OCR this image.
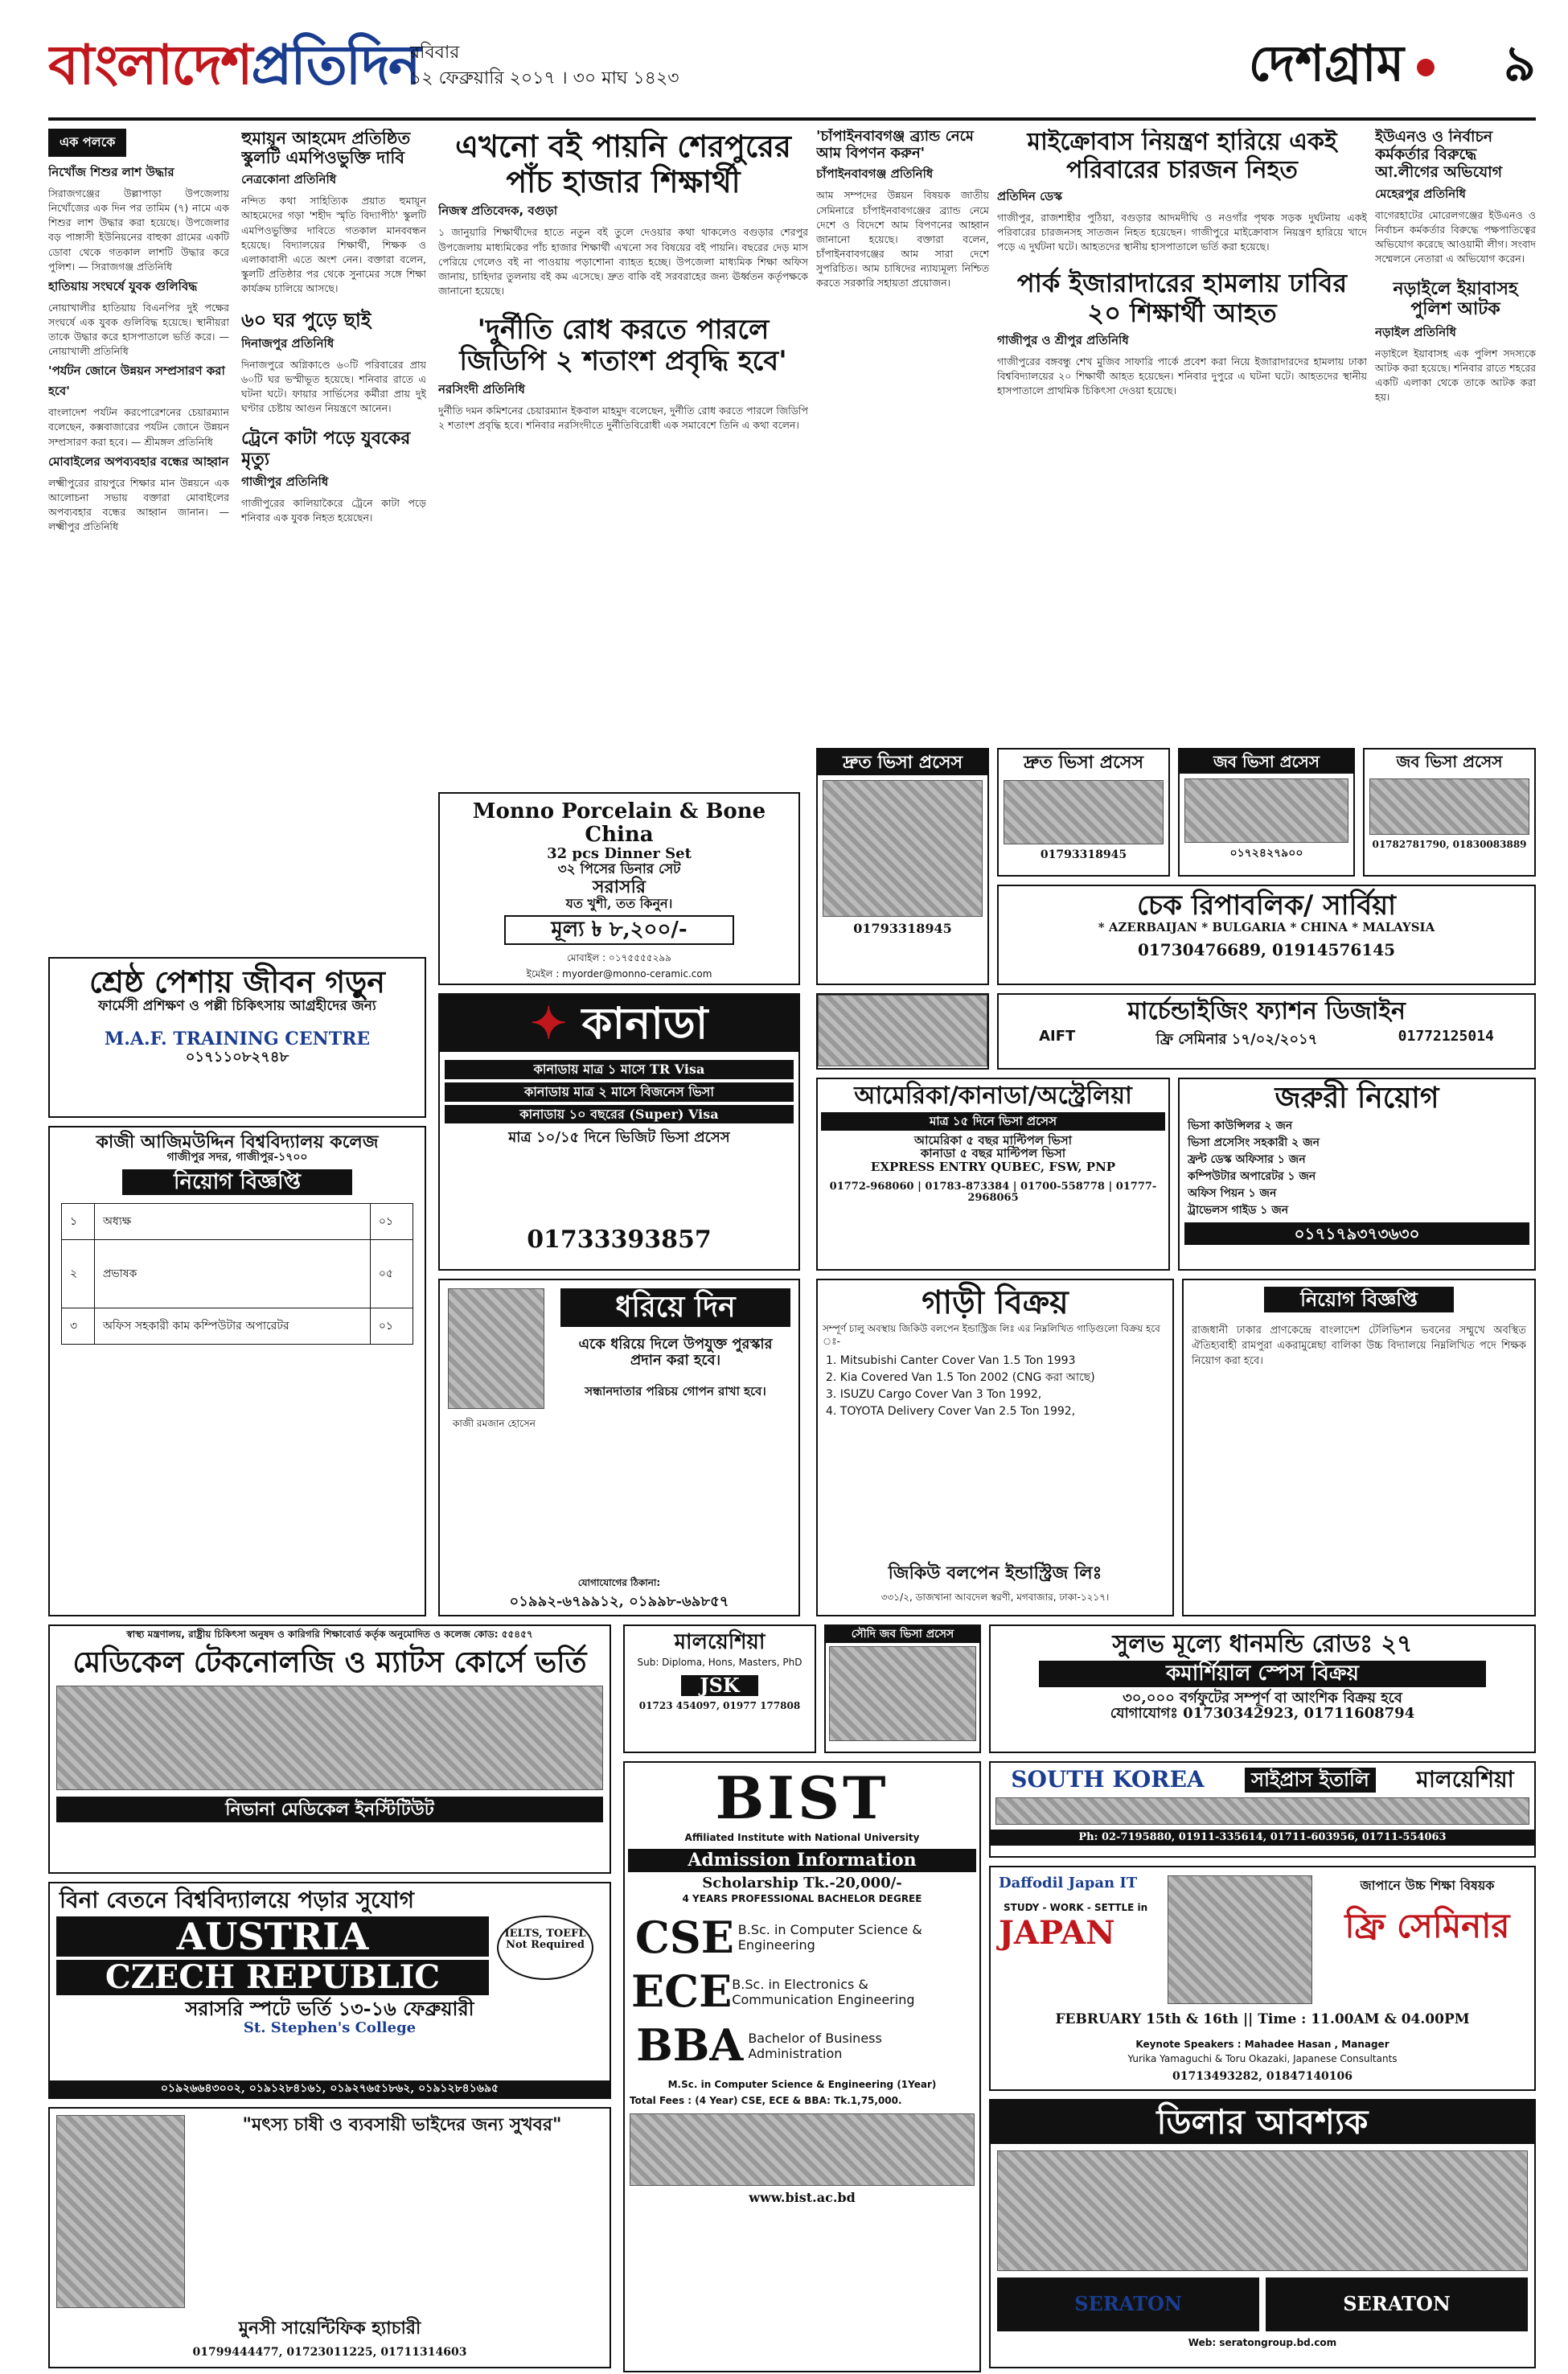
বাংলাদেশপ্রতিদিন
রবিবার
১২ ফেব্রুয়ারি ২০১৭ । ৩০ মাঘ ১৪২৩	দেশগ্রাম	৯
এক পলকে
নিখোঁজ শিশুর লাশ উদ্ধার
সিরাজগঞ্জের উল্লাপাড়া উপজেলায় নিখোঁজের এক দিন পর তামিম (৭) নামে এক শিশুর লাশ উদ্ধার করা হয়েছে। উপজেলার বড় পাঙ্গাসী ইউনিয়নের বাহুকা গ্রামের একটি ডোবা থেকে গতকাল লাশটি উদ্ধার করে পুলিশ। — সিরাজগঞ্জ প্রতিনিধি
হাতিয়ায় সংঘর্ষে যুবক গুলিবিদ্ধ
নোয়াখালীর হাতিয়ায় বিএনপির দুই পক্ষের সংঘর্ষে এক যুবক গুলিবিদ্ধ হয়েছে। স্থানীয়রা তাকে উদ্ধার করে হাসপাতালে ভর্তি করে। — নোয়াখালী প্রতিনিধি
'পর্যটন জোনে উন্নয়ন সম্প্রসারণ করা হবে'
বাংলাদেশ পর্যটন করপোরেশনের চেয়ারম্যান বলেছেন, কক্সবাজারের পর্যটন জোনে উন্নয়ন সম্প্রসারণ করা হবে। — শ্রীমঙ্গল প্রতিনিধি
মোবাইলের অপব্যবহার বন্ধের আহ্বান
লক্ষ্মীপুরের রায়পুরে শিক্ষার মান উন্নয়নে এক আলোচনা সভায় বক্তারা মোবাইলের অপব্যবহার বন্ধের আহ্বান জানান। — লক্ষ্মীপুর প্রতিনিধি
হুমায়ূন আহমেদ প্রতিষ্ঠিত স্কুলটি এমপিওভুক্তি দাবি
নেত্রকোনা প্রতিনিধি
নন্দিত কথা সাহিত্যিক প্রয়াত হুমায়ূন আহমেদের গড়া 'শহীদ স্মৃতি বিদ্যাপীঠ' স্কুলটি এমপিওভুক্তির দাবিতে গতকাল মানববন্ধন হয়েছে। বিদ্যালয়ের শিক্ষার্থী, শিক্ষক ও এলাকাবাসী এতে অংশ নেন। বক্তারা বলেন, স্কুলটি প্রতিষ্ঠার পর থেকে সুনামের সঙ্গে শিক্ষা কার্যক্রম চালিয়ে আসছে।
৬০ ঘর পুড়ে ছাই
দিনাজপুর প্রতিনিধি
দিনাজপুরে অগ্নিকাণ্ডে ৬০টি পরিবারের প্রায় ৬০টি ঘর ভস্মীভূত হয়েছে। শনিবার রাতে এ ঘটনা ঘটে। ফায়ার সার্ভিসের কর্মীরা প্রায় দুই ঘণ্টার চেষ্টায় আগুন নিয়ন্ত্রণে আনেন।
ট্রেনে কাটা পড়ে যুবকের মৃত্যু
গাজীপুর প্রতিনিধি
গাজীপুরের কালিয়াকৈরে ট্রেনে কাটা পড়ে শনিবার এক যুবক নিহত হয়েছেন।
এখনো বই পায়নি শেরপুরের পাঁচ হাজার শিক্ষার্থী
নিজস্ব প্রতিবেদক, বগুড়া
১ জানুয়ারি শিক্ষার্থীদের হাতে নতুন বই তুলে দেওয়ার কথা থাকলেও বগুড়ার শেরপুর উপজেলায় মাধ্যমিকের পাঁচ হাজার শিক্ষার্থী এখনো সব বিষয়ের বই পায়নি। বছরের দেড় মাস পেরিয়ে গেলেও বই না পাওয়ায় পড়াশোনা ব্যাহত হচ্ছে। উপজেলা মাধ্যমিক শিক্ষা অফিস জানায়, চাহিদার তুলনায় বই কম এসেছে। দ্রুত বাকি বই সরবরাহের জন্য ঊর্ধ্বতন কর্তৃপক্ষকে জানানো হয়েছে।
'দুর্নীতি রোধ করতে পারলে জিডিপি ২ শতাংশ প্রবৃদ্ধি হবে'
নরসিংদী প্রতিনিধি
দুর্নীতি দমন কমিশনের চেয়ারম্যান ইকবাল মাহমুদ বলেছেন, দুর্নীতি রোধ করতে পারলে জিডিপি ২ শতাংশ প্রবৃদ্ধি হবে। শনিবার নরসিংদীতে দুর্নীতিবিরোধী এক সমাবেশে তিনি এ কথা বলেন।
'চাঁপাইনবাবগঞ্জ ব্র্যান্ড নেমে আম বিপণন করুন'
চাঁপাইনবাবগঞ্জ প্রতিনিধি
আম সম্পদের উন্নয়ন বিষয়ক জাতীয় সেমিনারে চাঁপাইনবাবগঞ্জের ব্র্যান্ড নেমে দেশে ও বিদেশে আম বিপণনের আহ্বান জানানো হয়েছে। বক্তারা বলেন, চাঁপাইনবাবগঞ্জের আম সারা দেশে সুপরিচিত। আম চাষিদের ন্যায্যমূল্য নিশ্চিত করতে সরকারি সহায়তা প্রয়োজন।
মাইক্রোবাস নিয়ন্ত্রণ হারিয়ে একই পরিবারের চারজন নিহত
প্রতিদিন ডেস্ক
গাজীপুর, রাজশাহীর পুঠিয়া, বগুড়ার আদমদীঘি ও নওগাঁর পৃথক সড়ক দুর্ঘটনায় একই পরিবারের চারজনসহ সাতজন নিহত হয়েছেন। গাজীপুরে মাইক্রোবাস নিয়ন্ত্রণ হারিয়ে খাদে পড়ে এ দুর্ঘটনা ঘটে। আহতদের স্থানীয় হাসপাতালে ভর্তি করা হয়েছে।
পার্ক ইজারাদারের হামলায় ঢাবির ২০ শিক্ষার্থী আহত
গাজীপুর ও শ্রীপুর প্রতিনিধি
গাজীপুরের বঙ্গবন্ধু শেখ মুজিব সাফারি পার্কে প্রবেশ করা নিয়ে ইজারাদারদের হামলায় ঢাকা বিশ্ববিদ্যালয়ের ২০ শিক্ষার্থী আহত হয়েছেন। শনিবার দুপুরে এ ঘটনা ঘটে। আহতদের স্থানীয় হাসপাতালে প্রাথমিক চিকিৎসা দেওয়া হয়েছে।
ইউএনও ও নির্বাচন কর্মকর্তার বিরুদ্ধে আ.লীগের অভিযোগ
মেহেরপুর প্রতিনিধি
বাগেরহাটের মোরেলগঞ্জের ইউএনও ও নির্বাচন কর্মকর্তার বিরুদ্ধে পক্ষপাতিত্বের অভিযোগ করেছে আওয়ামী লীগ। সংবাদ সম্মেলনে নেতারা এ অভিযোগ করেন।
নড়াইলে ইয়াবাসহ পুলিশ আটক
নড়াইল প্রতিনিধি
নড়াইলে ইয়াবাসহ এক পুলিশ সদস্যকে আটক করা হয়েছে। শনিবার রাতে শহরের একটি এলাকা থেকে তাকে আটক করা হয়।
Monno Porcelain & Bone China
32 pcs Dinner Set
৩২ পিসের ডিনার সেট
সরাসরি
যত খুশী, তত কিনুন।
মূল্য ৳ ৮,২০০/-
মোবাইল : ০১৭৫৫৫৫২৯৯
ইমেইল : myorder@monno-ceramic.com
দ্রুত ভিসা প্রসেস
01793318945
দ্রুত ভিসা প্রসেস
01793318945
জব ভিসা প্রসেস
০১৭২৪২৭৯০০
জব ভিসা প্রসেস
01782781790, 01830083889
চেক রিপাবলিক/ সার্বিয়া
* AZERBAIJAN * BULGARIA * CHINA * MALAYSIA
01730476689, 01914576145
শ্রেষ্ঠ পেশায় জীবন গড়ুন
ফার্মেসী প্রশিক্ষণ ও পল্লী চিকিৎসায় আগ্রহীদের জন্য
M.A.F. TRAINING CENTRE
০১৭১১০৮২৭৪৮
✦ কানাডা
কানাডায় মাত্র ১ মাসে TR Visa
কানাডায় মাত্র ২ মাসে বিজনেস ভিসা
কানাডায় ১০ বছরের (Super) Visa
মাত্র ১০/১৫ দিনে ভিজিট ভিসা প্রসেস
01733393857
মার্চেন্ডাইজিং ফ্যাশন ডিজাইন
AIFT	ফ্রি সেমিনার ১৭/০২/২০১৭	01772125014
আমেরিকা/কানাডা/অস্ট্রেলিয়া
মাত্র ১৫ দিনে ভিসা প্রসেস
আমেরিকা ৫ বছর মাল্টিপল ভিসা
কানাডা ৫ বছর মাল্টিপল ভিসা
EXPRESS ENTRY QUBEC, FSW, PNP
01772-968060 | 01783-873384 | 01700-558778 | 01777-2968065
জরুরী নিয়োগ
ভিসা কাউন্সিলর ২ জন
ভিসা প্রসেসিং সহকারী ২ জন
ফ্রন্ট ডেস্ক অফিসার ১ জন
কম্পিউটার অপারেটর ১ জন
অফিস পিয়ন ১ জন
ট্রাভেলস গাইড ১ জন
০১৭১৭৯৩৭৩৬৩০
কাজী আজিমউদ্দিন বিশ্ববিদ্যালয় কলেজ
গাজীপুর সদর, গাজীপুর-১৭০০
নিয়োগ বিজ্ঞপ্তি
১	অধ্যক্ষ	০১
২	প্রভাষক	০৫
৩	অফিস সহকারী কাম কম্পিউটার অপারেটর	০১
ধরিয়ে দিন
একে ধরিয়ে দিলে উপযুক্ত পুরস্কার প্রদান করা হবে।
সন্ধানদাতার পরিচয় গোপন রাখা হবে।
কাজী রমজান হোসেন
যোগাযোগের ঠিকানা:
০১৯৯২-৬৭৯৯১২, ০১৯৯৮-৬৯৮৫৭
গাড়ী বিক্রয়
সম্পূর্ণ চালু অবস্থায় জিকিউ বলপেন ইন্ডাস্ট্রিজ লিঃ এর নিম্নলিখিত গাড়িগুলো বিক্রয় হবে ঃ-
1. Mitsubishi Canter Cover Van 1.5 Ton 1993
2. Kia Covered Van 1.5 Ton 2002 (CNG করা আছে)
3. ISUZU Cargo Cover Van 3 Ton 1992,
4. TOYOTA Delivery Cover Van 2.5 Ton 1992,
জিকিউ বলপেন ইন্ডাস্ট্রিজ লিঃ
৩৩১/২, ডাজখানা আবদেল স্বরণী, মগবাজার, ঢাকা-১২১৭।
নিয়োগ বিজ্ঞপ্তি
রাজধানী ঢাকার প্রাণকেন্দ্রে বাংলাদেশ টেলিভিশন ভবনের সম্মুখে অবস্থিত ঐতিহ্যবাহী রামপুরা একরামুন্নেছা বালিকা উচ্চ বিদ্যালয়ে নিম্নলিখিত পদে শিক্ষক নিয়োগ করা হবে।
স্বাস্থ্য মন্ত্রণালয়, রাষ্ট্রীয় চিকিৎসা অনুষদ ও কারিগরি শিক্ষাবোর্ড কর্তৃক অনুমোদিত ও কলেজ কোড: ৫৫৪৫৭
মেডিকেল টেকনোলজি ও ম্যাটস কোর্সে ভর্তি
নিভানা মেডিকেল ইনস্টিটিউট
মালয়েশিয়া
Sub: Diploma, Hons, Masters, PhD
JSK
01723 454097, 01977 177808
সৌদি জব ভিসা প্রসেস	সুলভ মূল্যে ধানমন্ডি রোডঃ ২৭
কমার্শিয়াল স্পেস বিক্রয়
৩০,০০০ বর্গফুটের সম্পূর্ণ বা আংশিক বিক্রয় হবে
যোগাযোগঃ 01730342923, 01711608794
BIST
Affiliated Institute with National University
Admission Information
Scholarship Tk.-20,000/-
4 YEARS PROFESSIONAL BACHELOR DEGREE
CSE B.Sc. in Computer Science & Engineering
ECE B.Sc. in Electronics & Communication Engineering
BBA Bachelor of Business Administration
M.Sc. in Computer Science & Engineering (1Year)
Total Fees : (4 Year) CSE, ECE & BBA: Tk.1,75,000.
www.bist.ac.bd
SOUTH KOREA	সাইপ্রাস ইতালি মালয়েশিয়া
Ph: 02-7195880, 01911-335614, 01711-603956, 01711-554063
Daffodil Japan IT
STUDY - WORK - SETTLE in
JAPAN
জাপানে উচ্চ শিক্ষা বিষয়ক
ফ্রি সেমিনার
FEBRUARY 15th & 16th || Time : 11.00AM & 04.00PM
Keynote Speakers : Mahadee Hasan , Manager
Yurika Yamaguchi & Toru Okazaki, Japanese Consultants
01713493282, 01847140106
বিনা বেতনে বিশ্ববিদ্যালয়ে পড়ার সুযোগ
AUSTRIA
CZECH REPUBLIC
সরাসরি স্পটে ভর্তি ১৩-১৬ ফেব্রুয়ারী
St. Stephen's College
IELTS, TOEFL Not Required
০১৯২৬৬৪৩০০২, ০১৯১২৮৪১৬১, ০১৯২৭৬৫১৮৬২, ০১৯১২৮৪১৬৯৫
"মৎস্য চাষী ও ব্যবসায়ী ভাইদের জন্য সুখবর"
মুনসী সায়েন্টিফিক হ্যাচারী
01799444477, 01723011225, 01711314603
ডিলার আবশ্যক
SERATON	SERATON
Web: seratongroup.bd.com
